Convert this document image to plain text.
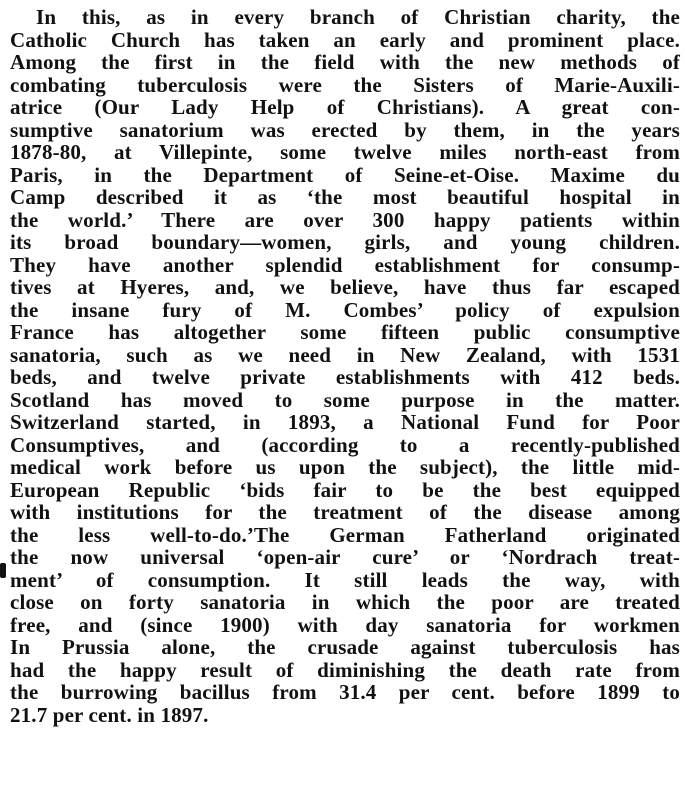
In this, as in every branch of Christian charity, the
Catholic Church has taken an early and prominent place.
Among the first in the field with the new methods of
combating tuberculosis were the Sisters of Marie-Auxili-
atrice (Our Lady Help of Christians). A great con-
sumptive sanatorium was erected by them, in the years
1878-80, at Villepinte, some twelve miles north-east from
Paris, in the Department of Seine-et-Oise. Maxime du
Camp described it as ‘the most beautiful hospital in
the world.’ There are over 300 happy patients within
its broad boundary—women, girls, and young children.
They have another splendid establishment for consump-
tives at Hyeres, and, we believe, have thus far escaped
the insane fury of M. Combes’ policy of expulsion
France has altogether some fifteen public consumptive
sanatoria, such as we need in New Zealand, with 1531
beds, and twelve private establishments with 412 beds.
Scotland has moved to some purpose in the matter.
Switzerland started, in 1893, a National Fund for Poor
Consumptives, and (according to a recently-published
medical work before us upon the subject), the little mid-
European Republic ‘bids fair to be the best equipped
with institutions for the treatment of the disease among
the less well-to-do.’The German Fatherland originated
the now universal ‘open-air cure’ or ‘Nordrach treat-
ment’ of consumption. It still leads the way, with
close on forty sanatoria in which the poor are treated
free, and (since 1900) with day sanatoria for workmen
In Prussia alone, the crusade against tuberculosis has
had the happy result of diminishing the death rate from
the burrowing bacillus from 31.4 per cent. before 1899 to
21.7 per cent. in 1897.
